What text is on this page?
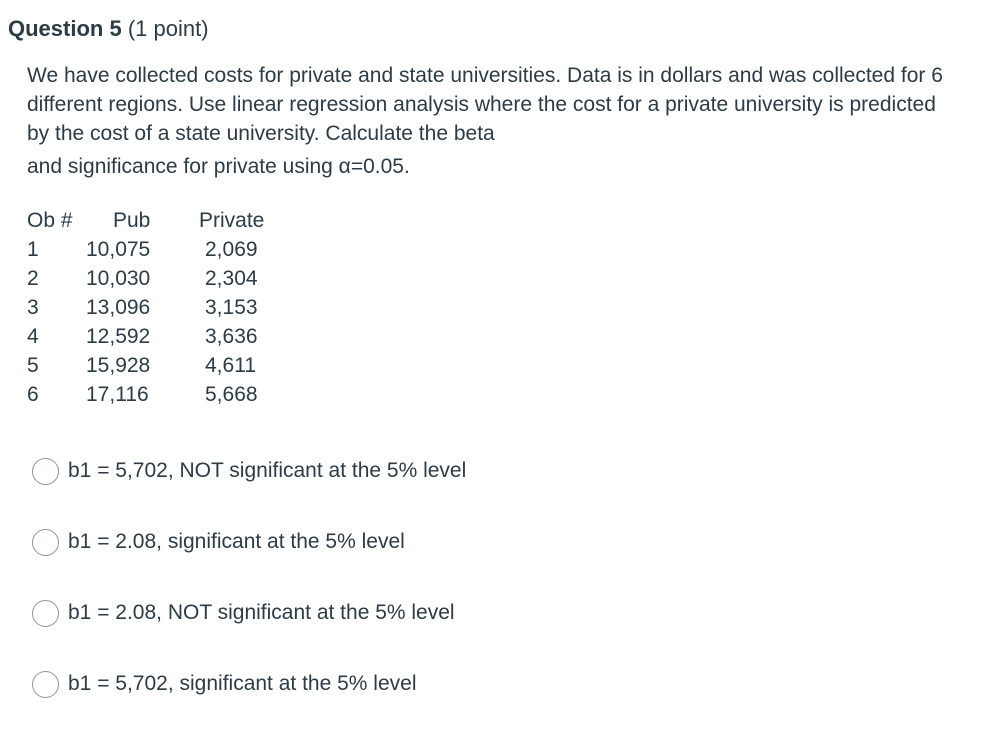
Question 5 (1 point)

We have collected costs for private and state universities. Data is in dollars and was collected for 6 different regions. Use linear regression analysis where the cost for a private university is predicted by the cost of a state university. Calculate the beta

and significance for private using α=0.05.

Ob #	Pub	Private
1	10,075	2,069
2	10,030	2,304
3	13,096	3,153
4	12,592	3,636
5	15,928	4,611
6	17,116	5,668
b1 = 5,702, NOT significant at the 5% level
b1 = 2.08, significant at the 5% level
b1 = 2.08, NOT significant at the 5% level
b1 = 5,702, significant at the 5% level
